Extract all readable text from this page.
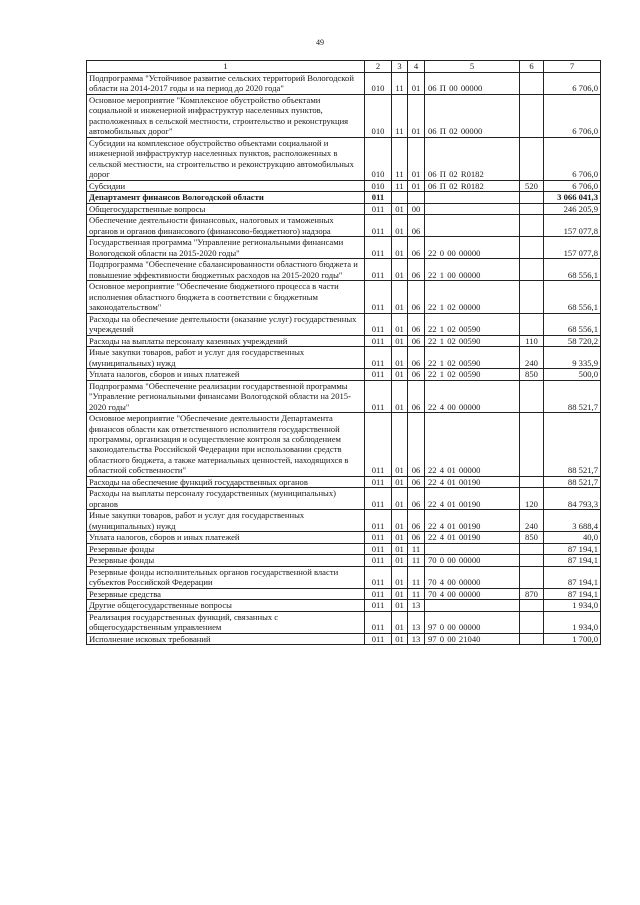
49
1	2	3	4	5	6	7
Подпрограмма "Устойчивое развитие сельских территорий Вологодской области на 2014-2017 годы и на период до 2020 года"	010	11	01	06 П 00 00000		6 706,0
Основное мероприятие "Комплексное обустройство объектами социальной и инженерной инфраструктур населенных пунктов, расположенных в сельской местности, строительство и реконструкция автомобильных дорог"	010	11	01	06 П 02 00000		6 706,0
Субсидии на комплексное обустройство объектами социальной и инженерной инфраструктур населенных пунктов, расположенных в сельской местности, на строительство и реконструкцию автомобильных дорог	010	11	01	06 П 02 R0182		6 706,0
Субсидии	010	11	01	06 П 02 R0182	520	6 706,0
Департамент финансов Вологодской области	011					3 066 041,3
Общегосударственные вопросы	011	01	00			246 205,9
Обеспечение деятельности финансовых, налоговых и таможенных органов и органов финансового (финансово-бюджетного) надзора	011	01	06			157 077,8
Государственная программа "Управление региональными финансами Вологодской области на 2015-2020 годы"	011	01	06	22 0 00 00000		157 077,8
Подпрограмма "Обеспечение сбалансированности областного бюджета и повышение эффективности бюджетных расходов на 2015-2020 годы"	011	01	06	22 1 00 00000		68 556,1
Основное мероприятие "Обеспечение бюджетного процесса в части исполнения областного бюджета в соответствии с бюджетным законодательством"	011	01	06	22 1 02 00000		68 556,1
Расходы на обеспечение деятельности (оказание услуг) государственных учреждений	011	01	06	22 1 02 00590		68 556,1
Расходы на выплаты персоналу казенных учреждений	011	01	06	22 1 02 00590	110	58 720,2
Иные закупки товаров, работ и услуг для государственных (муниципальных) нужд	011	01	06	22 1 02 00590	240	9 335,9
Уплата налогов, сборов и иных платежей	011	01	06	22 1 02 00590	850	500,0
Подпрограмма "Обеспечение реализации государственной программы "Управление региональными финансами Вологодской области на 2015-2020 годы"	011	01	06	22 4 00 00000		88 521,7
Основное мероприятие "Обеспечение деятельности Департамента финансов области как ответственного исполнителя государственной программы, организация и осуществление контроля за соблюдением законодательства Российской Федерации при использовании средств областного бюджета, а также материальных ценностей, находящихся в областной собственности"	011	01	06	22 4 01 00000		88 521,7
Расходы на обеспечение функций государственных органов	011	01	06	22 4 01 00190		88 521,7
Расходы на выплаты персоналу государственных (муниципальных) органов	011	01	06	22 4 01 00190	120	84 793,3
Иные закупки товаров, работ и услуг для государственных (муниципальных) нужд	011	01	06	22 4 01 00190	240	3 688,4
Уплата налогов, сборов и иных платежей	011	01	06	22 4 01 00190	850	40,0
Резервные фонды	011	01	11			87 194,1
Резервные фонды	011	01	11	70 0 00 00000		87 194,1
Резервные фонды исполнительных органов государственной власти субъектов Российской Федерации	011	01	11	70 4 00 00000		87 194,1
Резервные средства	011	01	11	70 4 00 00000	870	87 194,1
Другие общегосударственные вопросы	011	01	13			1 934,0
Реализация государственных функций, связанных с общегосударственным управлением	011	01	13	97 0 00 00000		1 934,0
Исполнение исковых требований	011	01	13	97 0 00 21040		1 700,0
